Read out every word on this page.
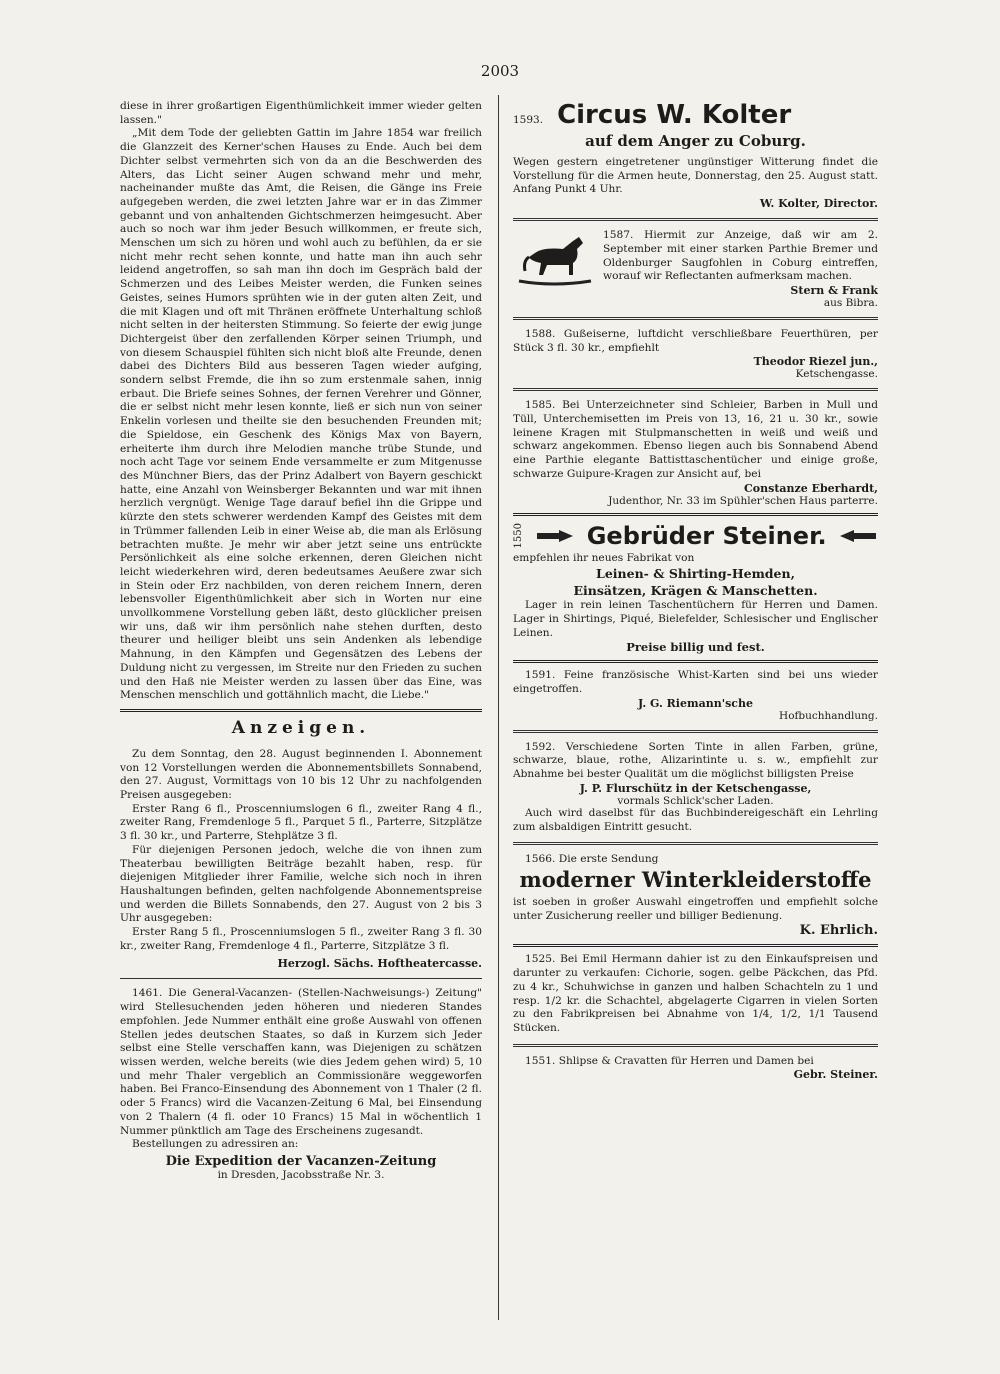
2003

diese in ihrer großartigen Eigenthümlichkeit immer wieder gelten lassen."

„Mit dem Tode der geliebten Gattin im Jahre 1854 war freilich die Glanzzeit des Kerner'schen Hauses zu Ende. Auch bei dem Dichter selbst vermehrten sich von da an die Beschwerden des Alters, das Licht seiner Augen schwand mehr und mehr, nacheinander mußte das Amt, die Reisen, die Gänge ins Freie aufgegeben werden, die zwei letzten Jahre war er in das Zimmer gebannt und von anhaltenden Gichtschmerzen heimgesucht. Aber auch so noch war ihm jeder Besuch willkommen, er freute sich, Menschen um sich zu hören und wohl auch zu befühlen, da er sie nicht mehr recht sehen konnte, und hatte man ihn auch sehr leidend angetroffen, so sah man ihn doch im Gespräch bald der Schmerzen und des Leibes Meister werden, die Funken seines Geistes, seines Humors sprühten wie in der guten alten Zeit, und die mit Klagen und oft mit Thränen eröffnete Unterhaltung schloß nicht selten in der heitersten Stimmung. So feierte der ewig junge Dichtergeist über den zerfallenden Körper seinen Triumph, und von diesem Schauspiel fühlten sich nicht bloß alte Freunde, denen dabei des Dichters Bild aus besseren Tagen wieder aufging, sondern selbst Fremde, die ihn so zum erstenmale sahen, innig erbaut. Die Briefe seines Sohnes, der fernen Verehrer und Gönner, die er selbst nicht mehr lesen konnte, ließ er sich nun von seiner Enkelin vorlesen und theilte sie den besuchenden Freunden mit; die Spieldose, ein Geschenk des Königs Max von Bayern, erheiterte ihm durch ihre Melodien manche trübe Stunde, und noch acht Tage vor seinem Ende versammelte er zum Mitgenusse des Münchner Biers, das der Prinz Adalbert von Bayern geschickt hatte, eine Anzahl von Weinsberger Bekannten und war mit ihnen herzlich vergnügt. Wenige Tage darauf befiel ihn die Grippe und kürzte den stets schwerer werdenden Kampf des Geistes mit dem in Trümmer fallenden Leib in einer Weise ab, die man als Erlösung betrachten mußte. Je mehr wir aber jetzt seine uns entrückte Persönlichkeit als eine solche erkennen, deren Gleichen nicht leicht wiederkehren wird, deren bedeutsames Aeußere zwar sich in Stein oder Erz nachbilden, von deren reichem Innern, deren lebensvoller Eigenthümlichkeit aber sich in Worten nur eine unvollkommene Vorstellung geben läßt, desto glücklicher preisen wir uns, daß wir ihm persönlich nahe stehen durften, desto theurer und heiliger bleibt uns sein Andenken als lebendige Mahnung, in den Kämpfen und Gegensätzen des Lebens der Duldung nicht zu vergessen, im Streite nur den Frieden zu suchen und den Haß nie Meister werden zu lassen über das Eine, was Menschen menschlich und gottähnlich macht, die Liebe."

Anzeigen.

Zu dem Sonntag, den 28. August beginnenden I. Abonnement von 12 Vorstellungen werden die Abonnementsbillets Sonnabend, den 27. August, Vormittags von 10 bis 12 Uhr zu nachfolgenden Preisen ausgegeben:

Erster Rang 6 fl., Proscenniumslogen 6 fl., zweiter Rang 4 fl., zweiter Rang, Fremdenloge 5 fl., Parquet 5 fl., Parterre, Sitzplätze 3 fl. 30 kr., und Parterre, Stehplätze 3 fl.

Für diejenigen Personen jedoch, welche die von ihnen zum Theaterbau bewilligten Beiträge bezahlt haben, resp. für diejenigen Mitglieder ihrer Familie, welche sich noch in ihren Haushaltungen befinden, gelten nachfolgende Abonnementspreise und werden die Billets Sonnabends, den 27. August von 2 bis 3 Uhr ausgegeben:

Erster Rang 5 fl., Proscenniumslogen 5 fl., zweiter Rang 3 fl. 30 kr., zweiter Rang, Fremdenloge 4 fl., Parterre, Sitzplätze 3 fl.

Herzogl. Sächs. Hoftheatercasse.

1461. Die General-Vacanzen- (Stellen-Nachweisungs-) Zeitung" wird Stellesuchenden jeden höheren und niederen Standes empfohlen. Jede Nummer enthält eine große Auswahl von offenen Stellen jedes deutschen Staates, so daß in Kurzem sich Jeder selbst eine Stelle verschaffen kann, was Diejenigen zu schätzen wissen werden, welche bereits (wie dies Jedem gehen wird) 5, 10 und mehr Thaler vergeblich an Commissionäre weggeworfen haben. Bei Franco-Einsendung des Abonnement von 1 Thaler (2 fl. oder 5 Francs) wird die Vacanzen-Zeitung 6 Mal, bei Einsendung von 2 Thalern (4 fl. oder 10 Francs) 15 Mal in wöchentlich 1 Nummer pünktlich am Tage des Erscheinens zugesandt.

Bestellungen zu adressiren an:

Die Expedition der Vacanzen-Zeitung
in Dresden, Jacobsstraße Nr. 3.
1593. Circus W. Kolter
auf dem Anger zu Coburg.

Wegen gestern eingetretener ungünstiger Witterung findet die Vorstellung für die Armen heute, Donnerstag, den 25. August statt. Anfang Punkt 4 Uhr.

W. Kolter, Director.

1587. Hiermit zur Anzeige, daß wir am 2. September mit einer starken Parthie Bremer und Oldenburger Saugfohlen in Coburg eintreffen, worauf wir Reflectanten aufmerksam machen.

Stern & Frank
aus Bibra.

1588. Gußeiserne, luftdicht verschließbare Feuerthüren, per Stück 3 fl. 30 kr., empfiehlt

Theodor Riezel jun.,
Ketschengasse.

1585. Bei Unterzeichneter sind Schleier, Barben in Mull und Tüll, Unterchemisetten im Preis von 13, 16, 21 u. 30 kr., sowie leinene Kragen mit Stulpmanschetten in weiß und weiß und schwarz angekommen. Ebenso liegen auch bis Sonnabend Abend eine Parthie elegante Battisttaschentücher und einige große, schwarze Guipure-Kragen zur Ansicht auf, bei

Constanze Eberhardt,
Judenthor, Nr. 33 im Spühler'schen Haus parterre.
1550	Gebrüder Steiner.

empfehlen ihr neues Fabrikat von

Leinen- & Shirting-Hemden,
Einsätzen, Krägen & Manschetten.

Lager in rein leinen Taschentüchern für Herren und Damen. Lager in Shirtings, Piqué, Bielefelder, Schlesischer und Englischer Leinen.

Preise billig und fest.

1591. Feine französische Whist-Karten sind bei uns wieder eingetroffen.

J. G. Riemann'sche
Hofbuchhandlung.

1592. Verschiedene Sorten Tinte in allen Farben, grüne, schwarze, blaue, rothe, Alizarintinte u. s. w., empfiehlt zur Abnahme bei bester Qualität um die möglichst billigsten Preise

J. P. Flurschütz in der Ketschengasse,
vormals Schlick'scher Laden.

Auch wird daselbst für das Buchbindereigeschäft ein Lehrling zum alsbaldigen Eintritt gesucht.

1566. Die erste Sendung

moderner Winterkleiderstoffe

ist soeben in großer Auswahl eingetroffen und empfiehlt solche unter Zusicherung reeller und billiger Bedienung.

K. Ehrlich.

1525. Bei Emil Hermann dahier ist zu den Einkaufspreisen und darunter zu verkaufen: Cichorie, sogen. gelbe Päckchen, das Pfd. zu 4 kr., Schuhwichse in ganzen und halben Schachteln zu 1 und resp. 1/2 kr. die Schachtel, abgelagerte Cigarren in vielen Sorten zu den Fabrikpreisen bei Abnahme von 1/4, 1/2, 1/1 Tausend Stücken.

1551. Shlipse & Cravatten für Herren und Damen bei

Gebr. Steiner.
